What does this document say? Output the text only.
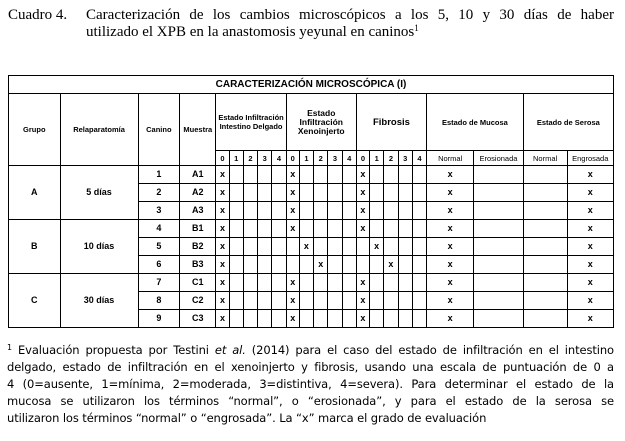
Cuadro 4.	Caracterización de los cambios microscópicos a los 5, 10 y 30 días de haber
utilizado el XPB en la anastomosis yeyunal en caninos$^1$
CARACTERIZACIÓN MICROSCÓPICA (I)																						
Grupo	Relaparatomía	Canino	Muestra	Estado Infiltración Intestino Delgado					Estado Infiltración Xenoinjerto					Fibrosis					Estado de Mucosa		Estado de Serosa	
				0	1	2	3	4	0	1	2	3	4	0	1	2	3	4	Normal	Erosionada	Normal	Engrosada
A	5 días	1	A1	x					x					x					x			x
		2	A2	x					x					x					x			x
		3	A3	x					x					x					x			x
B	10 días	4	B1	x					x					x					x			x
		5	B2	x						x					x				x			x
		6	B3	x							x					x			x			x
C	30 días	7	C1	x					x					x					x			x
		8	C2	x					x					x					x			x
		9	C3	x					x					x					x			x
$^1$ Evaluación propuesta por Testini et al. (2014) para el caso del estado de infiltración en el intestino
delgado, estado de infiltración en el xenoinjerto y fibrosis, usando una escala de puntuación de 0 a
4 (0=ausente, 1=mínima, 2=moderada, 3=distintiva, 4=severa). Para determinar el estado de la
mucosa se utilizaron los términos “normal”, o “erosionada”, y para el estado de la serosa se
utilizaron los términos “normal” o “engrosada”. La “x” marca el grado de evaluación
